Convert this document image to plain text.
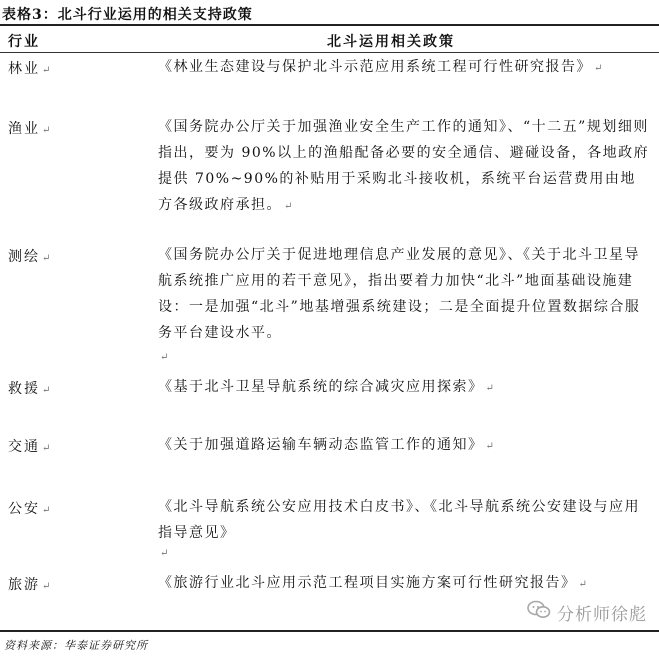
表格3：北斗行业运用的相关支持政策
行业	北斗运用相关政策
林业 ↵	《林业生态建设与保护北斗示范应用系统工程可行性研究报告》 ↵
渔业 ↵	《国务院办公厅关于加强渔业安全生产工作的通知》、“十二五”规划细则指出，要为 90%以上的渔船配备必要的安全通信、避碰设备，各地政府提供 70%~90%的补贴用于采购北斗接收机，系统平台运营费用由地方各级政府承担。 ↵
测绘 ↵	《国务院办公厅关于促进地理信息产业发展的意见》、《关于北斗卫星导航系统推广应用的若干意见》，指出要着力加快“北斗”地面基础设施建设：一是加强“北斗”地基增强系统建设；二是全面提升位置数据综合服务平台建设水平。
↵
救援 ↵	《基于北斗卫星导航系统的综合减灾应用探索》 ↵
交通 ↵	《关于加强道路运输车辆动态监管工作的通知》 ↵
公安 ↵	《北斗导航系统公安应用技术白皮书》、《北斗导航系统公安建设与应用指导意见》
↵
旅游 ↵	《旅游行业北斗应用示范工程项目实施方案可行性研究报告》 ↵
分析师徐彪
资料来源：华泰证券研究所
